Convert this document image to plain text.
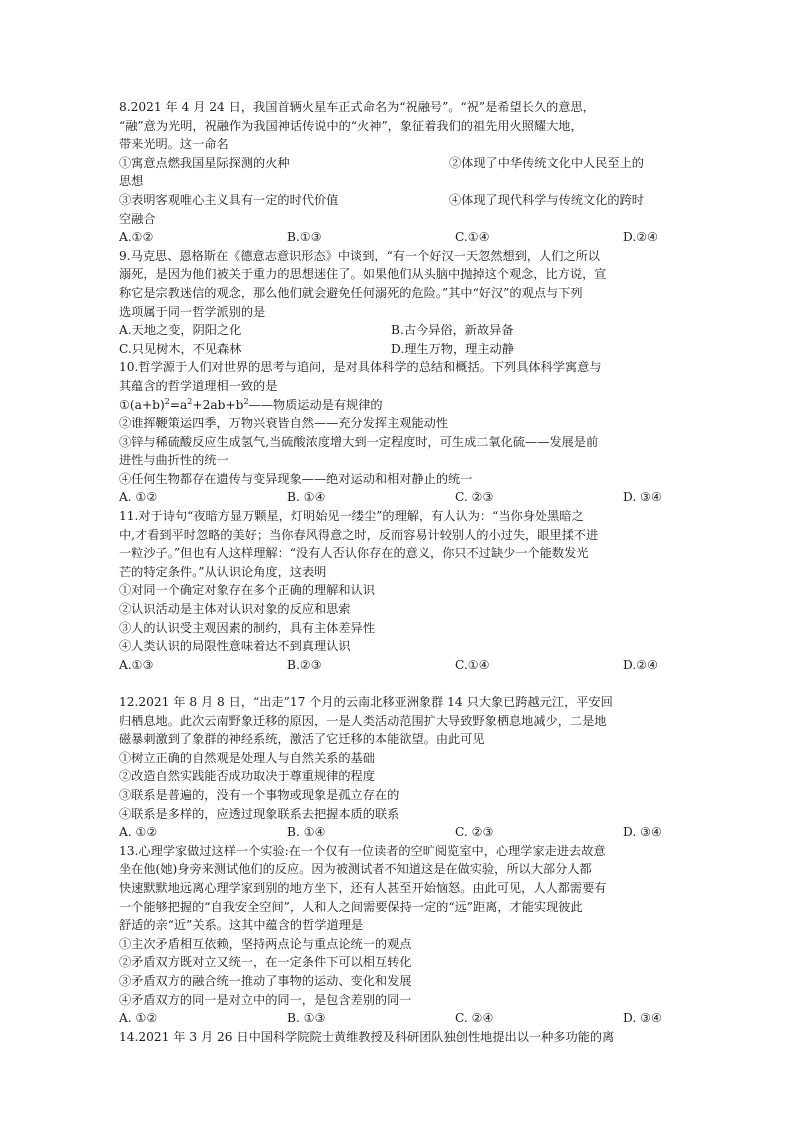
8.2021 年 4 月 24 日，我国首辆火星车正式命名为“祝融号”。“祝”是希望长久的意思，
“融”意为光明，祝融作为我国神话传说中的“火神”，象征着我们的祖先用火照耀大地，
带来光明。这一命名
①寓意点燃我国星际探测的火种	②体现了中华传统文化中人民至上的
思想
③表明客观唯心主义具有一定的时代价值	④体现了现代科学与传统文化的跨时
空融合
A.①②	B.①③	C.①④	D.②④
9.马克思、恩格斯在《德意志意识形态》中谈到，“有一个好汉一天忽然想到，人们之所以
溺死，是因为他们被关于重力的思想迷住了。如果他们从头脑中抛掉这个观念，比方说，宣
称它是宗教迷信的观念，那么他们就会避免任何溺死的危险。”其中“好汉”的观点与下列
选项属于同一哲学派别的是
A.天地之变，阴阳之化	B.古今异俗，新故异备
C.只见树木，不见森林	D.理生万物，理主动静
10.哲学源于人们对世界的思考与追问，是对具体科学的总结和概括。下列具体科学寓意与
其蕴含的哲学道理相一致的是
$①(a+b)^2=a^2+2ab+b^2——$物质运动是有规律的
②谁挥鞭策运四季，万物兴衰皆自然——充分发挥主观能动性
③锌与稀硫酸反应生成氢气,当硫酸浓度增大到一定程度时，可生成二氧化硫——发展是前
进性与曲折性的统一
④任何生物都存在遗传与变异现象——绝对运动和相对静止的统一
A. ①②	B. ①④	C. ②③	D. ③④
11.对于诗句“夜暗方显万颗星，灯明始见一缕尘”的理解，有人认为：“当你身处黑暗之
中,才看到平时忽略的美好；当你春风得意之时，反而容易计较别人的小过失，眼里揉不进
一粒沙子。”但也有人这样理解：“没有人否认你存在的意义，你只不过缺少一个能数发光
芒的特定条件。”从认识论角度，这表明
①对同一个确定对象存在多个正确的理解和认识
②认识活动是主体对认识对象的反应和思索
③人的认识受主观因素的制约，具有主体差异性
④人类认识的局限性意味着达不到真理认识
A.①③	B.②③	C.①④	D.②④
12.2021 年 8 月 8 日，“出走”17 个月的云南北移亚洲象群 14 只大象已跨越元江，平安回
归栖息地。此次云南野象迁移的原因，一是人类活动范围扩大导致野象栖息地减少，二是地
磁暴刺激到了象群的神经系统，激活了它迁移的本能欲望。由此可见
①树立正确的自然观是处理人与自然关系的基础
②改造自然实践能否成功取决于尊重规律的程度
③联系是普遍的，没有一个事物或现象是孤立存在的
④联系是多样的，应透过现象联系去把握本质的联系
A. ①②	B. ①④	C. ②③	D. ③④
13.心理学家做过这样一个实验:在一个仅有一位读者的空旷阅览室中，心理学家走进去故意
坐在他(她)身旁来测试他们的反应。因为被测试者不知道这是在做实验，所以大部分人都
快速默默地远离心理学家到别的地方坐下，还有人甚至开始恼怒。由此可见，人人都需要有
一个能够把握的“自我安全空间”，人和人之间需要保持一定的“远”距离，才能实现彼此
舒适的亲“近”关系。这其中蕴含的哲学道理是
①主次矛盾相互依赖，坚持两点论与重点论统一的观点
②矛盾双方既对立又统一，在一定条件下可以相互转化
③矛盾双方的融合统一推动了事物的运动、变化和发展
④矛盾双方的同一是对立中的同一，是包含差别的同一
A. ①②	B. ①③	C. ②④	D. ③④
14.2021 年 3 月 26 日中国科学院院士黄维教授及科研团队独创性地提出以一种多功能的离
